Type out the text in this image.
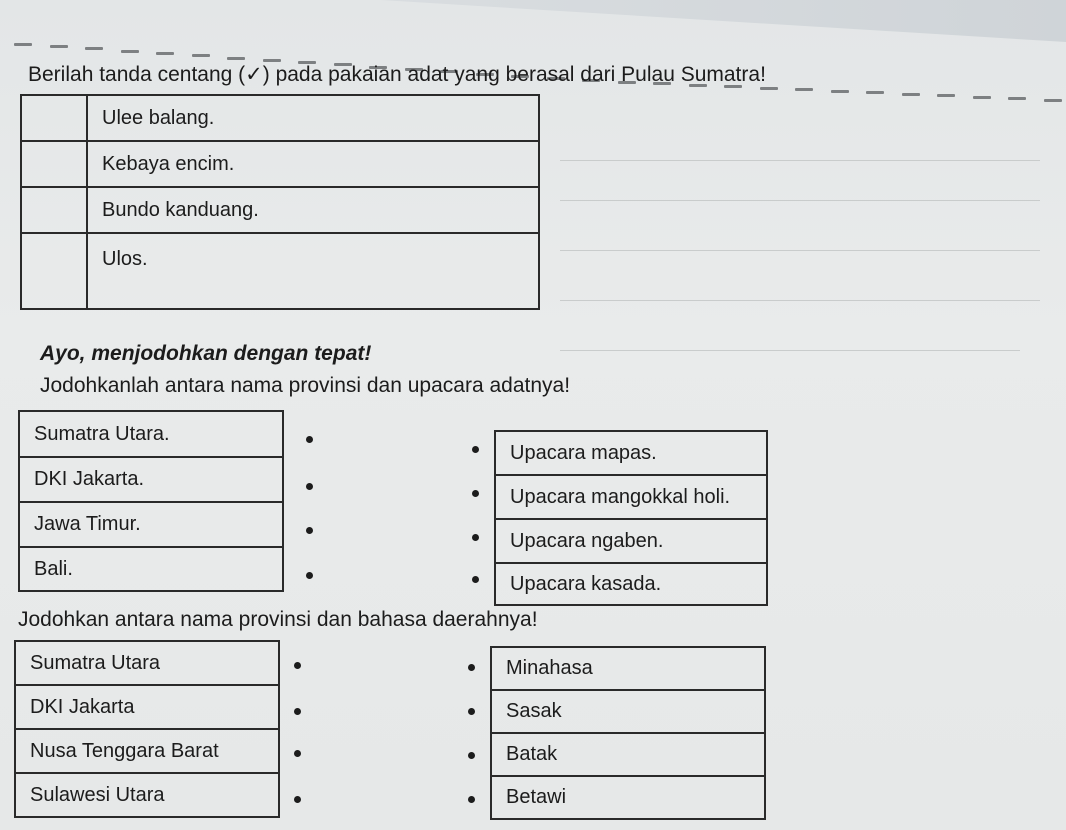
Berilah tanda centang (✓) pada pakaian adat yang berasal dari Pulau Sumatra!
Ulee balang.
Kebaya encim.
Bundo kanduang.
Ulos.
Ayo, menjodohkan dengan tepat!
Jodohkanlah antara nama provinsi dan upacara adatnya!
Sumatra Utara.
DKI Jakarta.
Jawa Timur.
Bali.
Upacara mapas.
Upacara mangokkal holi.
Upacara ngaben.
Upacara kasada.
Jodohkan antara nama provinsi dan bahasa daerahnya!
Sumatra Utara
DKI Jakarta
Nusa Tenggara Barat
Sulawesi Utara
Minahasa
Sasak
Batak
Betawi
